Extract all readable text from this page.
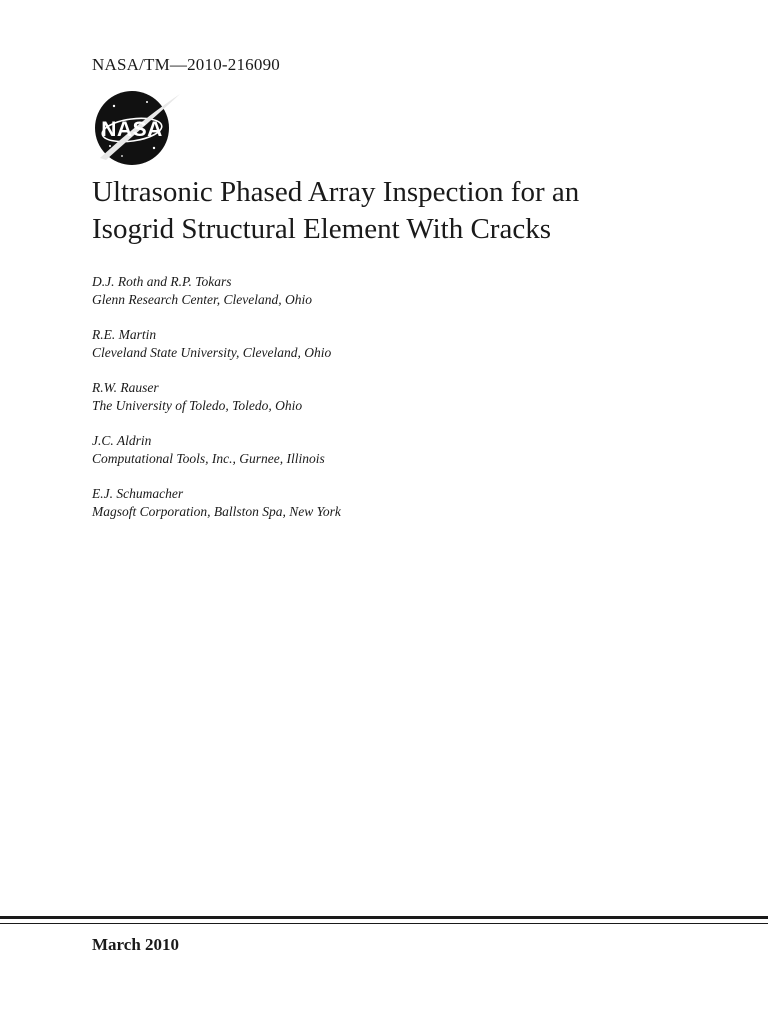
NASA/TM—2010-216090
NASA
Ultrasonic Phased Array Inspection for an
Isogrid Structural Element With Cracks
D.J. Roth and R.P. Tokars
Glenn Research Center, Cleveland, Ohio
R.E. Martin
Cleveland State University, Cleveland, Ohio
R.W. Rauser
The University of Toledo, Toledo, Ohio
J.C. Aldrin
Computational Tools, Inc., Gurnee, Illinois
E.J. Schumacher
Magsoft Corporation, Ballston Spa, New York
March 2010
